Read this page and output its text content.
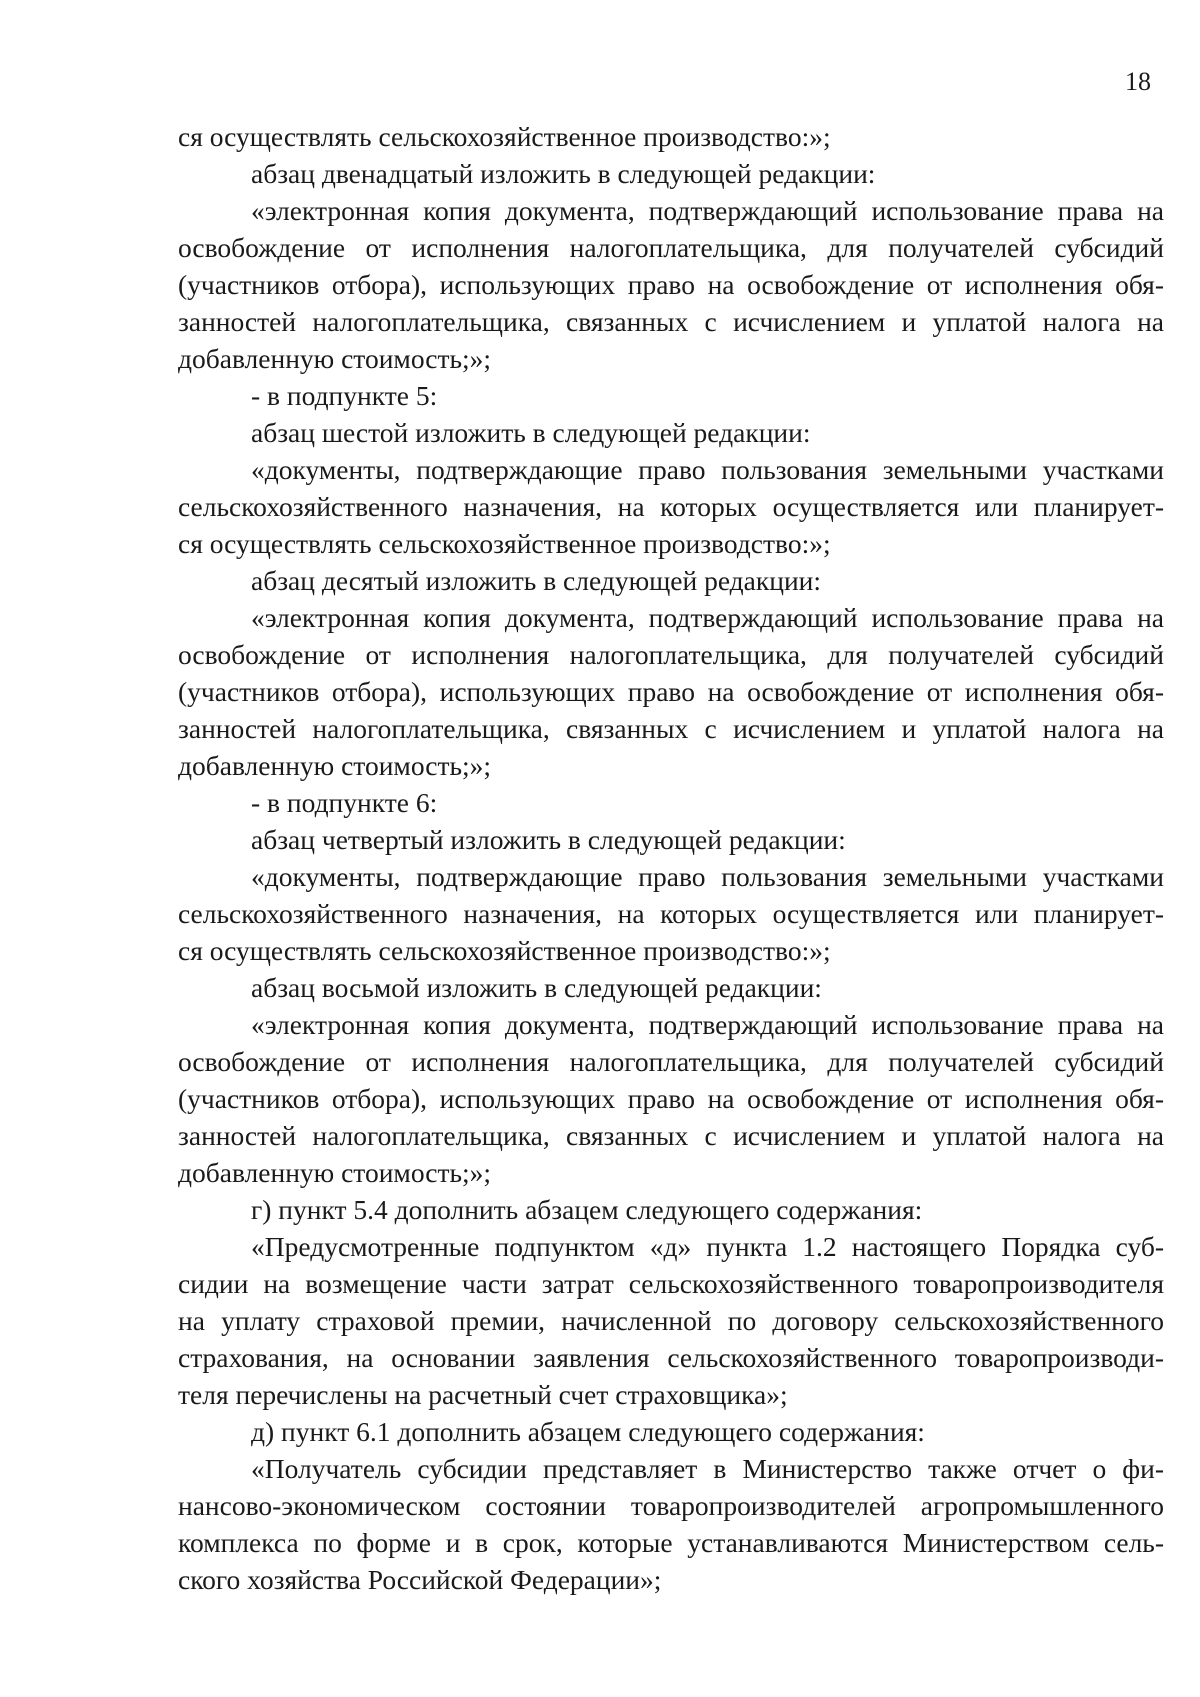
18
ся осуществлять сельскохозяйственное производство:»;
абзац двенадцатый изложить в следующей редакции:
«электронная копия документа, подтверждающий использование права на
освобождение от исполнения налогоплательщика, для получателей субсидий
(участников отбора), использующих право на освобождение от исполнения обя-
занностей налогоплательщика, связанных с исчислением и уплатой налога на
добавленную стоимость;»;
- в подпункте 5:
абзац шестой изложить в следующей редакции:
«документы, подтверждающие право пользования земельными участками
сельскохозяйственного назначения, на которых осуществляется или планирует-
ся осуществлять сельскохозяйственное производство:»;
абзац десятый изложить в следующей редакции:
«электронная копия документа, подтверждающий использование права на
освобождение от исполнения налогоплательщика, для получателей субсидий
(участников отбора), использующих право на освобождение от исполнения обя-
занностей налогоплательщика, связанных с исчислением и уплатой налога на
добавленную стоимость;»;
- в подпункте 6:
абзац четвертый изложить в следующей редакции:
«документы, подтверждающие право пользования земельными участками
сельскохозяйственного назначения, на которых осуществляется или планирует-
ся осуществлять сельскохозяйственное производство:»;
абзац восьмой изложить в следующей редакции:
«электронная копия документа, подтверждающий использование права на
освобождение от исполнения налогоплательщика, для получателей субсидий
(участников отбора), использующих право на освобождение от исполнения обя-
занностей налогоплательщика, связанных с исчислением и уплатой налога на
добавленную стоимость;»;
г) пункт 5.4 дополнить абзацем следующего содержания:
«Предусмотренные подпунктом «д» пункта 1.2 настоящего Порядка суб-
сидии на возмещение части затрат сельскохозяйственного товаропроизводителя
на уплату страховой премии, начисленной по договору сельскохозяйственного
страхования, на основании заявления сельскохозяйственного товаропроизводи-
теля перечислены на расчетный счет страховщика»;
д) пункт 6.1 дополнить абзацем следующего содержания:
«Получатель субсидии представляет в Министерство также отчет о фи-
нансово-экономическом состоянии товаропроизводителей агропромышленного
комплекса по форме и в срок, которые устанавливаются Министерством сель-
ского хозяйства Российской Федерации»;
